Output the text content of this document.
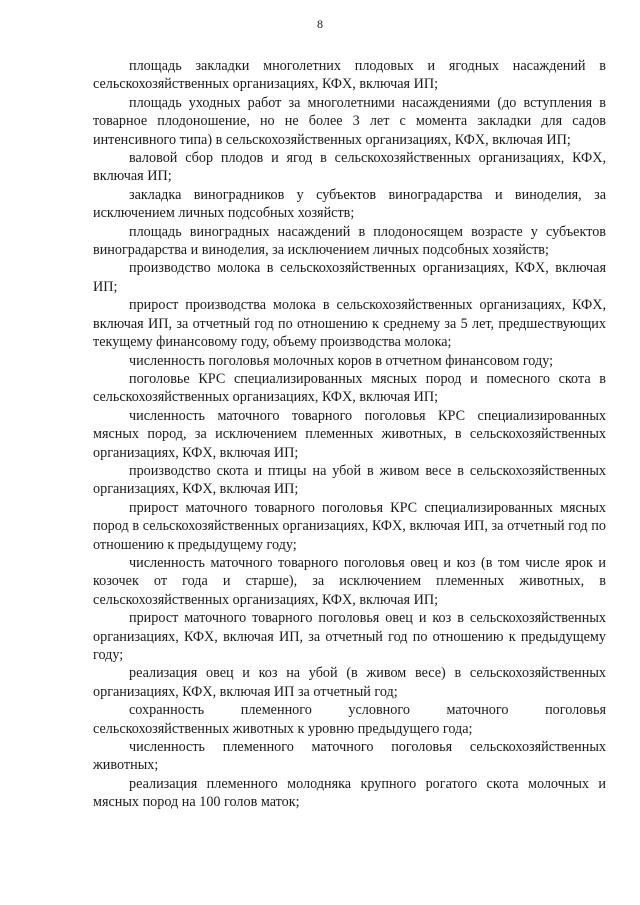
8

площадь закладки многолетних плодовых и ягодных насаждений в сельскохозяйственных организациях, КФХ, включая ИП;

площадь уходных работ за многолетними насаждениями (до вступления в товарное плодоношение, но не более 3 лет с момента закладки для садов интенсивного типа) в сельскохозяйственных организациях, КФХ, включая ИП;

валовой сбор плодов и ягод в сельскохозяйственных организациях, КФХ, включая ИП;

закладка виноградников у субъектов виноградарства и виноделия, за исключением личных подсобных хозяйств;

площадь виноградных насаждений в плодоносящем возрасте у субъектов виноградарства и виноделия, за исключением личных подсобных хозяйств;

производство молока в сельскохозяйственных организациях, КФХ, включая ИП;

прирост производства молока в сельскохозяйственных организациях, КФХ, включая ИП, за отчетный год по отношению к среднему за 5 лет, предшествующих текущему финансовому году, объему производства молока;

численность поголовья молочных коров в отчетном финансовом году;

поголовье КРС специализированных мясных пород и помесного скота в сельскохозяйственных организациях, КФХ, включая ИП;

численность маточного товарного поголовья КРС специализированных мясных пород, за исключением племенных животных, в сельскохозяйственных организациях, КФХ, включая ИП;

производство скота и птицы на убой в живом весе в сельскохозяйственных организациях, КФХ, включая ИП;

прирост маточного товарного поголовья КРС специализированных мясных пород в сельскохозяйственных организациях, КФХ, включая ИП, за отчетный год по отношению к предыдущему году;

численность маточного товарного поголовья овец и коз (в том числе ярок и козочек от года и старше), за исключением племенных животных, в сельскохозяйственных организациях, КФХ, включая ИП;

прирост маточного товарного поголовья овец и коз в сельскохозяйственных организациях, КФХ, включая ИП, за отчетный год по отношению к предыдущему году;

реализация овец и коз на убой (в живом весе) в сельскохозяйственных организациях, КФХ, включая ИП за отчетный год;

сохранность племенного условного маточного поголовья сельскохозяйственных животных к уровню предыдущего года;

численность племенного маточного поголовья сельскохозяйственных животных;

реализация племенного молодняка крупного рогатого скота молочных и мясных пород на 100 голов маток;
